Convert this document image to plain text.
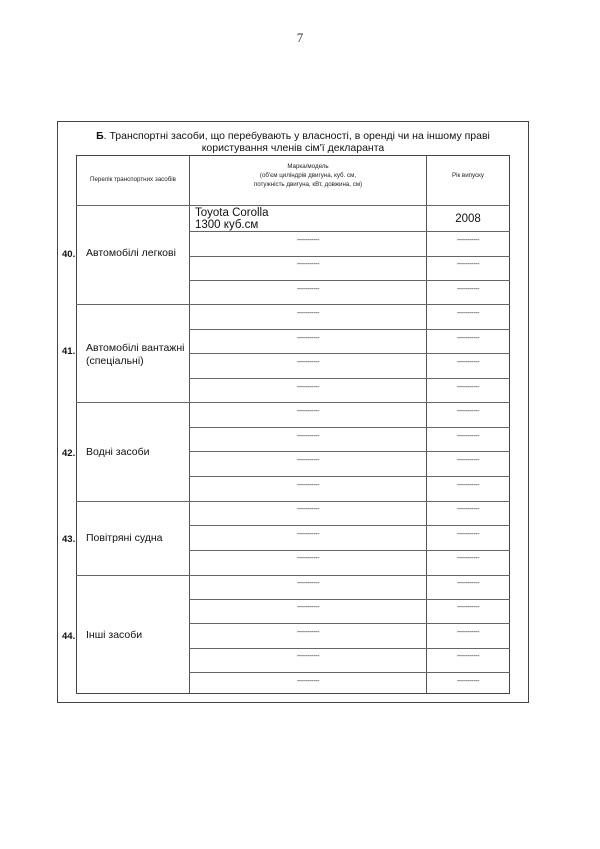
7
Б. Транспортні засоби, що перебувають у власності, в оренді чи на іншому праві
користування членів сім'ї декларанта
Перелік транспортних засобів
Марка/модель
(об'єм циліндрів двигуна, куб. см,
потужність двигуна, кВт, довжина, см)
Рік випуску
40. Автомобілі легкові
41. Автомобілі вантажні
(спеціальні)
42. Водні засоби
43. Повітряні судна
44. Інші засоби
Toyota Corolla
1300 куб.см	2008
-----------
-----------
-----------
-----------
-----------
-----------
-----------
-----------
-----------
-----------
-----------
-----------
-----------
-----------
-----------
-----------
-----------
-----------
-----------
-----------
-----------
-----------
-----------
-----------
-----------
-----------
-----------
-----------
-----------
-----------
-----------
-----------
-----------
-----------
-----------
-----------
-----------
-----------
